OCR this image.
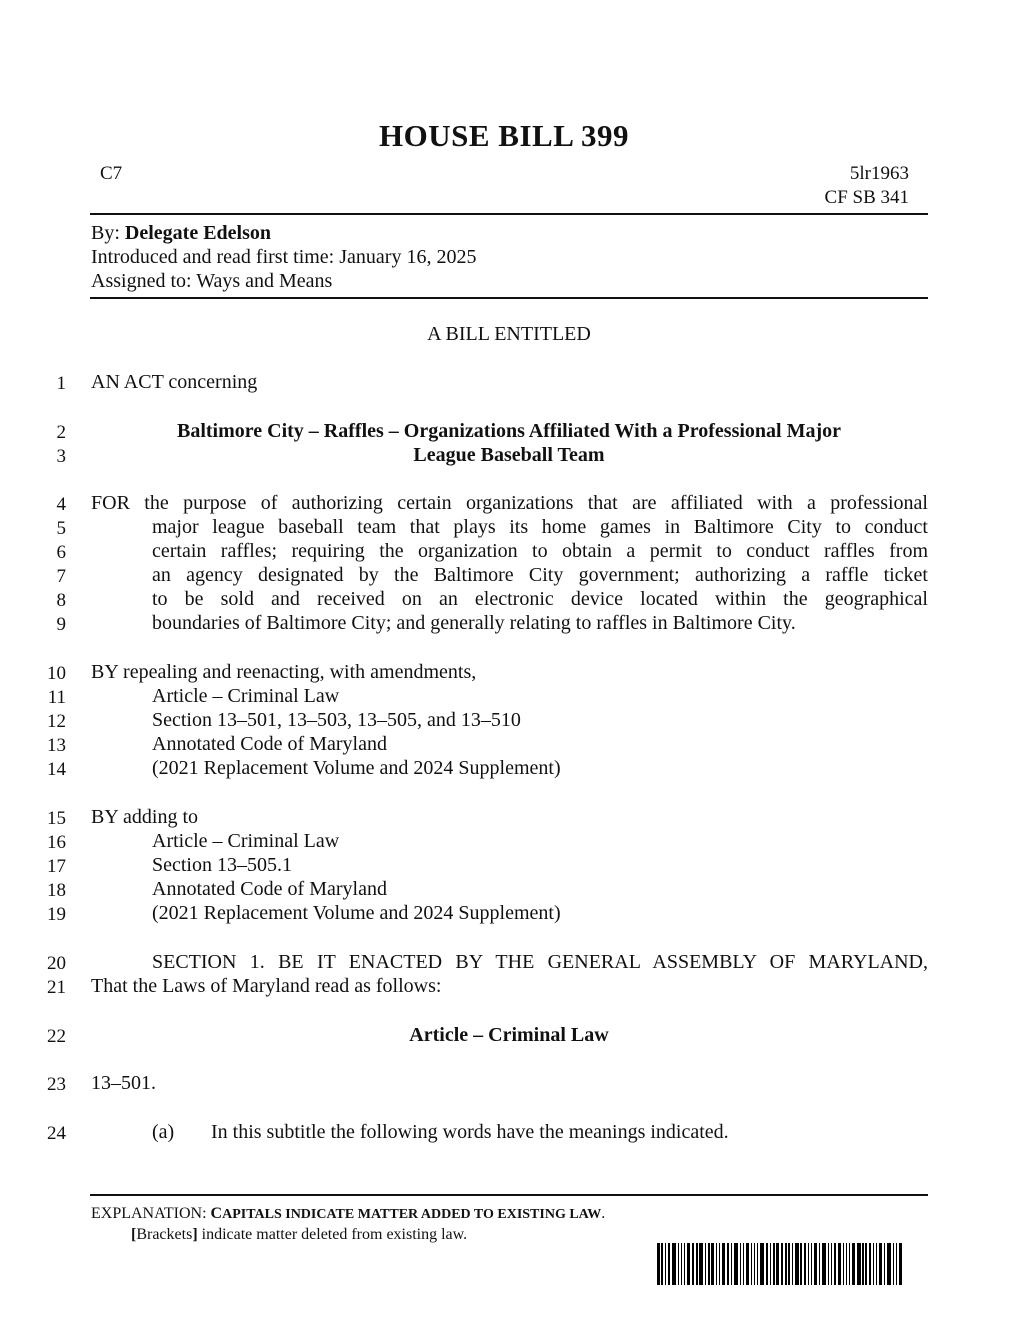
HOUSE BILL 399
C7	5lr1963
CF SB 341
By: Delegate Edelson
Introduced and read first time: January 16, 2025
Assigned to: Ways and Means
A BILL ENTITLED
1 AN ACT concerning
2	Baltimore City – Raffles – Organizations Affiliated With a Professional Major
3	League Baseball Team
4 FOR the purpose of authorizing certain organizations that are affiliated with a professional
5	major league baseball team that plays its home games in Baltimore City to conduct
6	certain raffles; requiring the organization to obtain a permit to conduct raffles from
7	an agency designated by the Baltimore City government; authorizing a raffle ticket
8	to be sold and received on an electronic device located within the geographical
9	boundaries of Baltimore City; and generally relating to raffles in Baltimore City.
10 BY repealing and reenacting, with amendments,
11	Article – Criminal Law
12	Section 13–501, 13–503, 13–505, and 13–510
13	Annotated Code of Maryland
14	(2021 Replacement Volume and 2024 Supplement)
15 BY adding to
16	Article – Criminal Law
17	Section 13–505.1
18	Annotated Code of Maryland
19	(2021 Replacement Volume and 2024 Supplement)
20	SECTION 1. BE IT ENACTED BY THE GENERAL ASSEMBLY OF MARYLAND,
21 That the Laws of Maryland read as follows:
22	Article – Criminal Law
23 13–501.
24	(a) In this subtitle the following words have the meanings indicated.
EXPLANATION: CAPITALS INDICATE MATTER ADDED TO EXISTING LAW.
[Brackets] indicate matter deleted from existing law.
